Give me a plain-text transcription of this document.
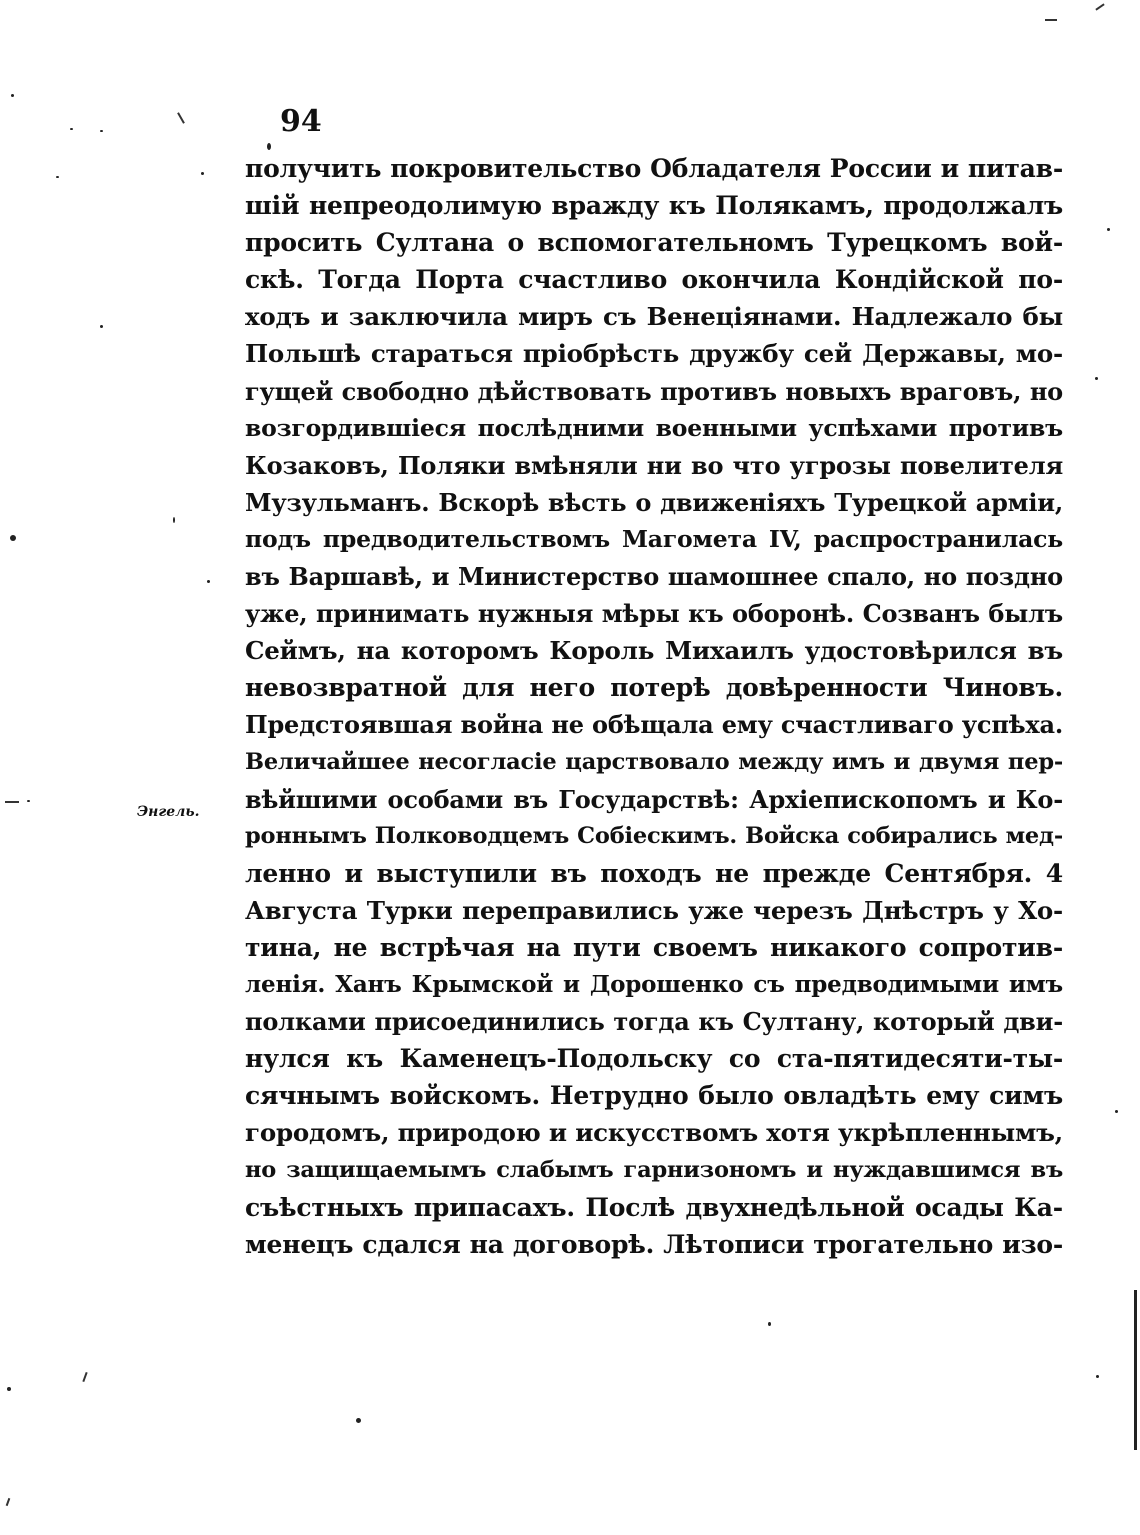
94
Энгель.
получить покровительство Обладателя России и питав-
шій непреодолимую вражду къ Полякамъ, продолжалъ
просить Султана о вспомогательномъ Турецкомъ вой-
скѣ. Тогда Порта счастливо окончила Кондійской по-
ходъ и заключила миръ съ Венеціянами. Надлежало бы
Польшѣ стараться пріобрѣсть дружбу сей Державы, мо-
гущей свободно дѣйствовать противъ новыхъ враговъ, но
возгордившіеся послѣдними военными успѣхами противъ
Козаковъ, Поляки вмѣняли ни во что угрозы повелителя
Музульманъ. Вскорѣ вѣсть о движеніяхъ Турецкой арміи,
подъ предводительствомъ Магомета IV, распространилась
въ Варшавѣ, и Министерство шамошнее спало, но поздно
уже, принимать нужныя мѣры къ оборонѣ. Созванъ былъ
Сеймъ, на которомъ Король Михаилъ удостовѣрился въ
невозвратной для него потерѣ довѣренности Чиновъ.
Предстоявшая война не обѣщала ему счастливаго успѣха.
Величайшее несогласіе царствовало между имъ и двумя пер-
вѣйшими особами въ Государствѣ: Архіепископомъ и Ко-
роннымъ Полководцемъ Собіескимъ. Войска собирались мед-
ленно и выступили въ походъ не прежде Сентября. 4
Августа Турки переправились уже черезъ Днѣстръ у Хо-
тина, не встрѣчая на пути своемъ никакого сопротив-
ленія. Ханъ Крымской и Дорошенко съ предводимыми имъ
полками присоединились тогда къ Султану, который дви-
нулся къ Каменецъ-Подольску со ста-пятидесяти-ты-
сячнымъ войскомъ. Нетрудно было овладѣть ему симъ
городомъ, природою и искусствомъ хотя укрѣпленнымъ,
но защищаемымъ слабымъ гарнизономъ и нуждавшимся въ
съѣстныхъ припасахъ. Послѣ двухнедѣльной осады Ка-
менецъ сдался на договорѣ. Лѣтописи трогательно изо-
